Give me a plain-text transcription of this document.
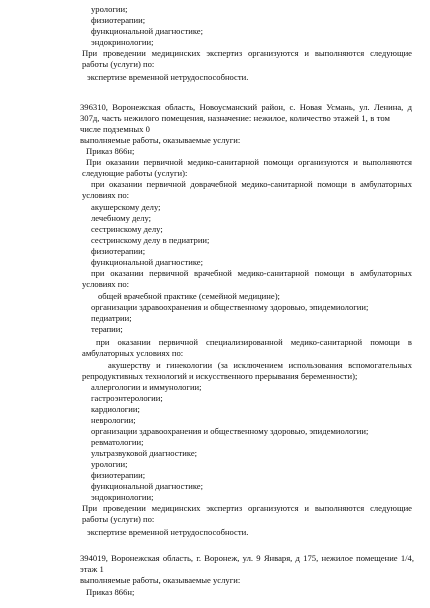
урологии;
физиотерапии;
функциональной диагностике;
эндокринологии;
При проведении медицинских экспертиз организуются и выполняются следующие
работы (услуги) по:
экспертизе временной нетрудоспособности.
396310, Воронежская область, Новоусманский район, с. Новая Усмань, ул. Ленина, д
307д, часть нежилого помещения, назначение: нежилое, количество этажей 1, в том
числе подземных 0
выполняемые работы, оказываемые услуги:
Приказ 866н;
При оказании первичной медико-санитарной помощи организуются и выполняются
следующие работы (услуги):
при оказании первичной доврачебной медико-санитарной помощи в амбулаторных
условиях по:
акушерскому делу;
лечебному делу;
сестринскому делу;
сестринскому делу в педиатрии;
физиотерапии;
функциональной диагностике;
при оказании первичной врачебной медико-санитарной помощи в амбулаторных
условиях по:
общей врачебной практике (семейной медицине);
организации здравоохранения и общественному здоровью, эпидемиологии;
педиатрии;
терапии;
при оказании первичной специализированной медико-санитарной помощи в
амбулаторных условиях по:
акушерству и гинекологии (за исключением использования вспомогательных
репродуктивных технологий и искусственного прерывания беременности);
аллергологии и иммунологии;
гастроэнтерологии;
кардиологии;
неврологии;
организации здравоохранения и общественному здоровью, эпидемиологии;
ревматологии;
ультразвуковой диагностике;
урологии;
физиотерапии;
функциональной диагностике;
эндокринологии;
При проведении медицинских экспертиз организуются и выполняются следующие
работы (услуги) по:
экспертизе временной нетрудоспособности.
394019, Воронежская область, г. Воронеж, ул. 9 Января, д 175, нежилое помещение 1/4,
этаж 1
выполняемые работы, оказываемые услуги:
Приказ 866н;
